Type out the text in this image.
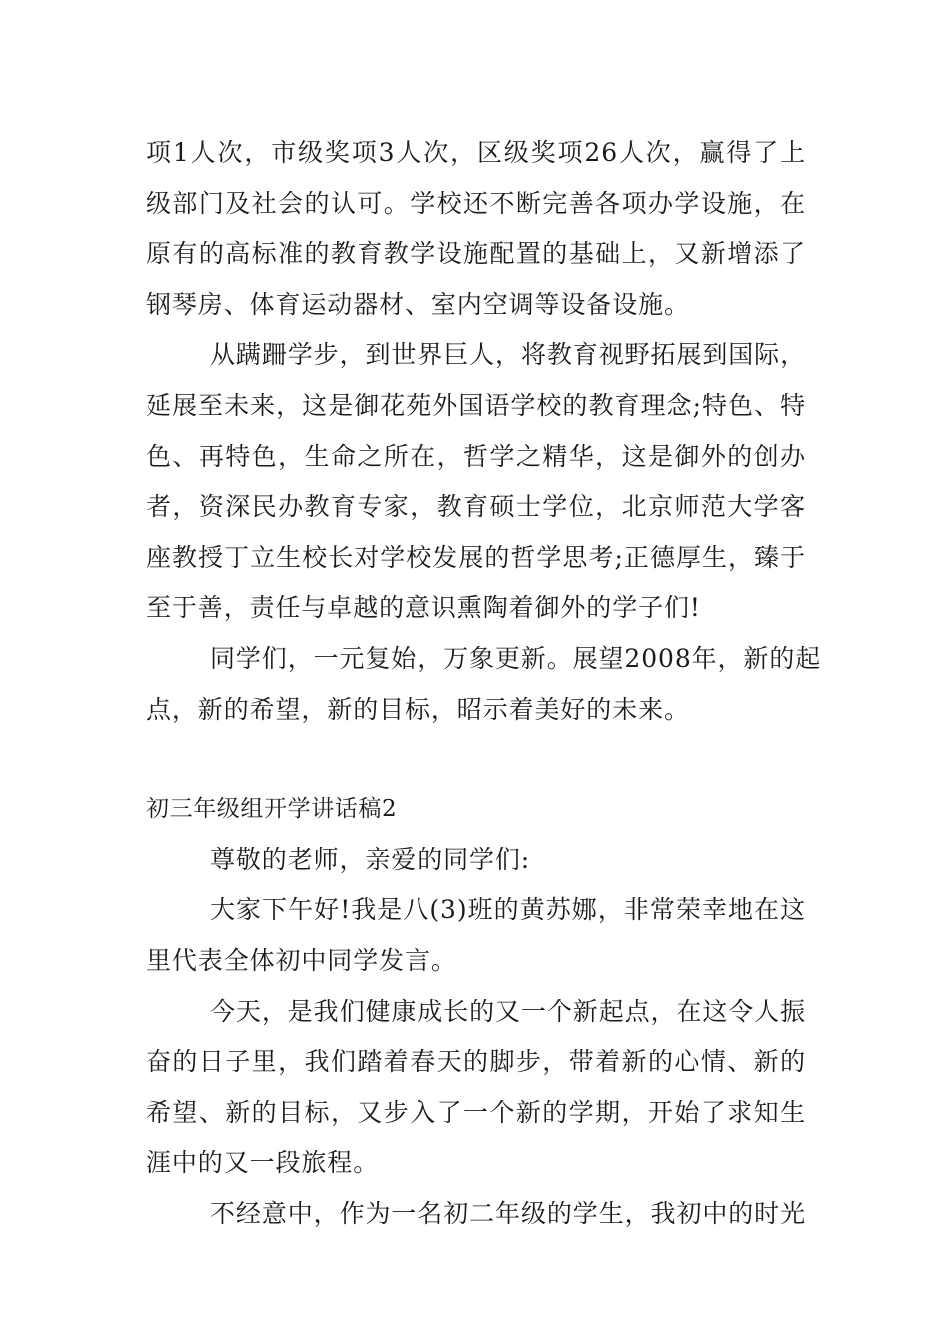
项1人次，市级奖项3人次，区级奖项26人次，赢得了上
级部门及社会的认可。学校还不断完善各项办学设施，在
原有的高标准的教育教学设施配置的基础上，又新增添了
钢琴房、体育运动器材、室内空调等设备设施。
从蹒跚学步，到世界巨人，将教育视野拓展到国际，
延展至未来，这是御花苑外国语学校的教育理念;特色、特
色、再特色，生命之所在，哲学之精华，这是御外的创办
者，资深民办教育专家，教育硕士学位，北京师范大学客
座教授丁立生校长对学校发展的哲学思考;正德厚生，臻于
至于善，责任与卓越的意识熏陶着御外的学子们!
同学们，一元复始，万象更新。展望2008年，新的起
点，新的希望，新的目标，昭示着美好的未来。
初三年级组开学讲话稿2
尊敬的老师，亲爱的同学们:
大家下午好!我是八(3)班的黄苏娜，非常荣幸地在这
里代表全体初中同学发言。
今天，是我们健康成长的又一个新起点，在这令人振
奋的日子里，我们踏着春天的脚步，带着新的心情、新的
希望、新的目标，又步入了一个新的学期，开始了求知生
涯中的又一段旅程。
不经意中，作为一名初二年级的学生，我初中的时光
